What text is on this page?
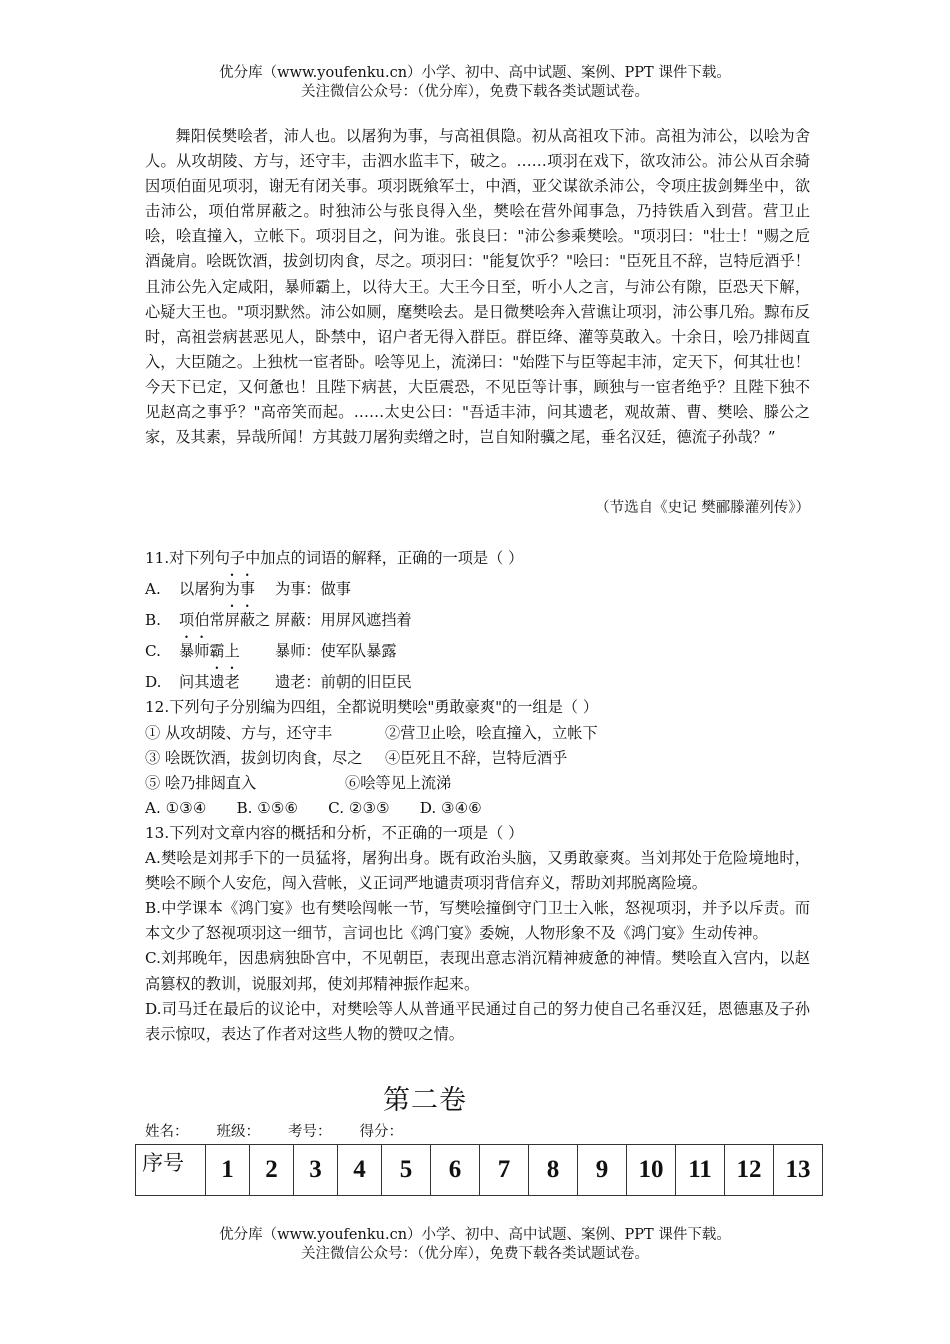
优分库（www.youfenku.cn）小学、初中、高中试题、案例、PPT 课件下载。
关注微信公众号：（优分库），免费下载各类试题试卷。

舞阳侯樊哙者，沛人也。以屠狗为事，与高祖俱隐。初从高祖攻下沛。高祖为沛公，以哙为舍人。从攻胡陵、方与，还守丰，击泗水监丰下，破之。……项羽在戏下，欲攻沛公。沛公从百余骑因项伯面见项羽，谢无有闭关事。项羽既飨军士，中酒，亚父谋欲杀沛公，令项庄拔剑舞坐中，欲击沛公，项伯常屏蔽之。时独沛公与张良得入坐，樊哙在营外闻事急，乃持铁盾入到营。营卫止哙，哙直撞入，立帐下。项羽目之，问为谁。张良曰："沛公参乘樊哙。"项羽曰："壮士！"赐之卮酒彘肩。哙既饮酒，拔剑切肉食，尽之。项羽曰："能复饮乎？"哙曰："臣死且不辞，岂特卮酒乎！且沛公先入定咸阳，暴师霸上，以待大王。大王今日至，听小人之言，与沛公有隙，臣恐天下解，心疑大王也。"项羽默然。沛公如厕，麾樊哙去。是日微樊哙奔入营谯让项羽，沛公事几殆。黥布反时，高祖尝病甚恶见人，卧禁中，诏户者无得入群臣。群臣绛、灌等莫敢入。十余日，哙乃排闼直入，大臣随之。上独枕一宦者卧。哙等见上，流涕曰："始陛下与臣等起丰沛，定天下，何其壮也！今天下已定，又何惫也！且陛下病甚，大臣震恐，不见臣等计事，顾独与一宦者绝乎？且陛下独不见赵高之事乎？"高帝笑而起。……太史公曰："吾适丰沛，问其遗老，观故萧、曹、樊哙、滕公之家，及其素，异哉所闻！方其鼓刀屠狗卖缯之时，岂自知附骥之尾，垂名汉廷，德流子孙哉？”

（节选自《史记 樊郦滕灌列传》）
11.对下列句子中加点的词语的解释，正确的一项是（ ）
A. 以屠狗为事 为事：做事
B. 项伯常屏蔽之 屏蔽：用屏风遮挡着
C. 暴师霸上 暴师：使军队暴露
D. 问其遗老 遗老：前朝的旧臣民
12.下列句子分别编为四组，全都说明樊哙"勇敢豪爽"的一组是（ ）
① 从攻胡陵、方与，还守丰	②营卫止哙，哙直撞入，立帐下
③ 哙既饮酒，拔剑切肉食，尽之 ④臣死且不辞，岂特卮酒乎
⑤ 哙乃排闼直入	⑥哙等见上流涕
A. ①③④ B. ①⑤⑥ C. ②③⑤ D. ③④⑥
13.下列对文章内容的概括和分析，不正确的一项是（ ）
A.樊哙是刘邦手下的一员猛将，屠狗出身。既有政治头脑，又勇敢豪爽。当刘邦处于危险境地时，樊哙不顾个人安危，闯入营帐，义正词严地谴责项羽背信弃义，帮助刘邦脱离险境。
B.中学课本《鸿门宴》也有樊哙闯帐一节，写樊哙撞倒守门卫士入帐，怒视项羽，并予以斥责。而本文少了怒视项羽这一细节，言词也比《鸿门宴》委婉，人物形象不及《鸿门宴》生动传神。
C.刘邦晚年，因患病独卧宫中，不见朝臣，表现出意志消沉精神疲惫的神情。樊哙直入宫内，以赵高篡权的教训，说服刘邦，使刘邦精神振作起来。
D.司马迁在最后的议论中，对樊哙等人从普通平民通过自己的努力使自己名垂汉廷，恩德惠及子孙表示惊叹，表达了作者对这些人物的赞叹之情。
第二卷
姓名： 班级： 考号： 得分：
序号	1	2	3	4	5	6	7	8	9	10	11	12	13
优分库（www.youfenku.cn）小学、初中、高中试题、案例、PPT 课件下载。
关注微信公众号：（优分库），免费下载各类试题试卷。
